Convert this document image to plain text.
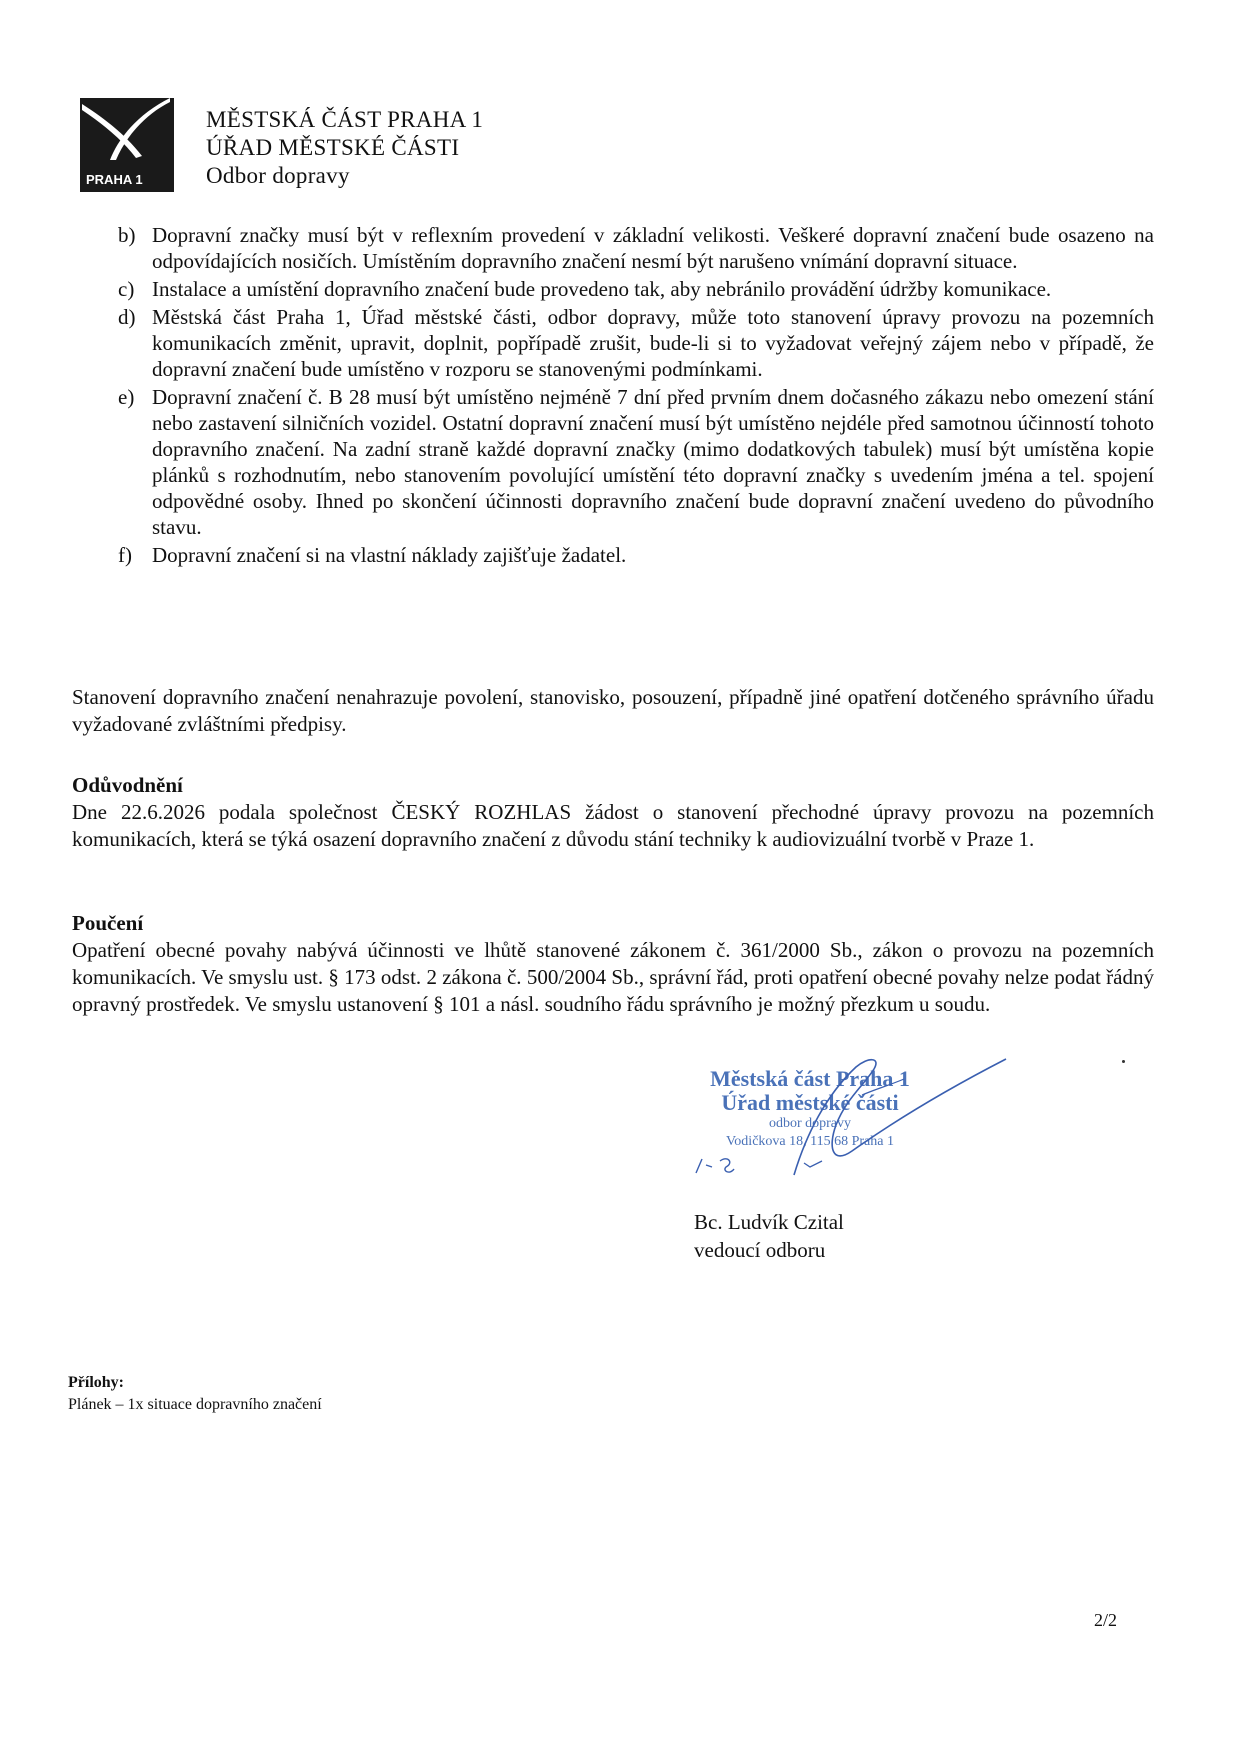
PRAHA 1
MĚSTSKÁ ČÁST PRAHA 1
ÚŘAD MĚSTSKÉ ČÁSTI
Odbor dopravy
b) Dopravní značky musí být v reflexním provedení v základní velikosti. Veškeré dopravní značení bude osazeno na odpovídajících nosičích. Umístěním dopravního značení nesmí být narušeno vnímání dopravní situace.
c) Instalace a umístění dopravního značení bude provedeno tak, aby nebránilo provádění údržby komunikace.
d) Městská část Praha 1, Úřad městské části, odbor dopravy, může toto stanovení úpravy provozu na pozemních komunikacích změnit, upravit, doplnit, popřípadě zrušit, bude-li si to vyžadovat veřejný zájem nebo v případě, že dopravní značení bude umístěno v rozporu se stanovenými podmínkami.
e) Dopravní značení č. B 28 musí být umístěno nejméně 7 dní před prvním dnem dočasného zákazu nebo omezení stání nebo zastavení silničních vozidel. Ostatní dopravní značení musí být umístěno nejdéle před samotnou účinností tohoto dopravního značení. Na zadní straně každé dopravní značky (mimo dodatkových tabulek) musí být umístěna kopie plánků s rozhodnutím, nebo stanovením povolující umístění této dopravní značky s uvedením jména a tel. spojení odpovědné osoby. Ihned po skončení účinnosti dopravního značení bude dopravní značení uvedeno do původního stavu.
f) Dopravní značení si na vlastní náklady zajišťuje žadatel.
Stanovení dopravního značení nenahrazuje povolení, stanovisko, posouzení, případně jiné opatření dotčeného správního úřadu vyžadované zvláštními předpisy.
Odůvodnění
Dne 22.6.2026 podala společnost ČESKÝ ROZHLAS žádost o stanovení přechodné úpravy provozu na pozemních komunikacích, která se týká osazení dopravního značení z důvodu stání techniky k audiovizuální tvorbě v Praze 1.
Poučení
Opatření obecné povahy nabývá účinnosti ve lhůtě stanovené zákonem č. 361/2000 Sb., zákon o provozu na pozemních komunikacích. Ve smyslu ust. § 173 odst. 2 zákona č. 500/2004 Sb., správní řád, proti opatření obecné povahy nelze podat řádný opravný prostředek. Ve smyslu ustanovení § 101 a násl. soudního řádu správního je možný přezkum u soudu.
Městská část Praha 1
Úřad městské části
odbor dopravy
Vodičkova 18, 115 68 Praha 1
Bc. Ludvík Czital
vedoucí odboru
Přílohy:
Plánek – 1x situace dopravního značení
2/2
